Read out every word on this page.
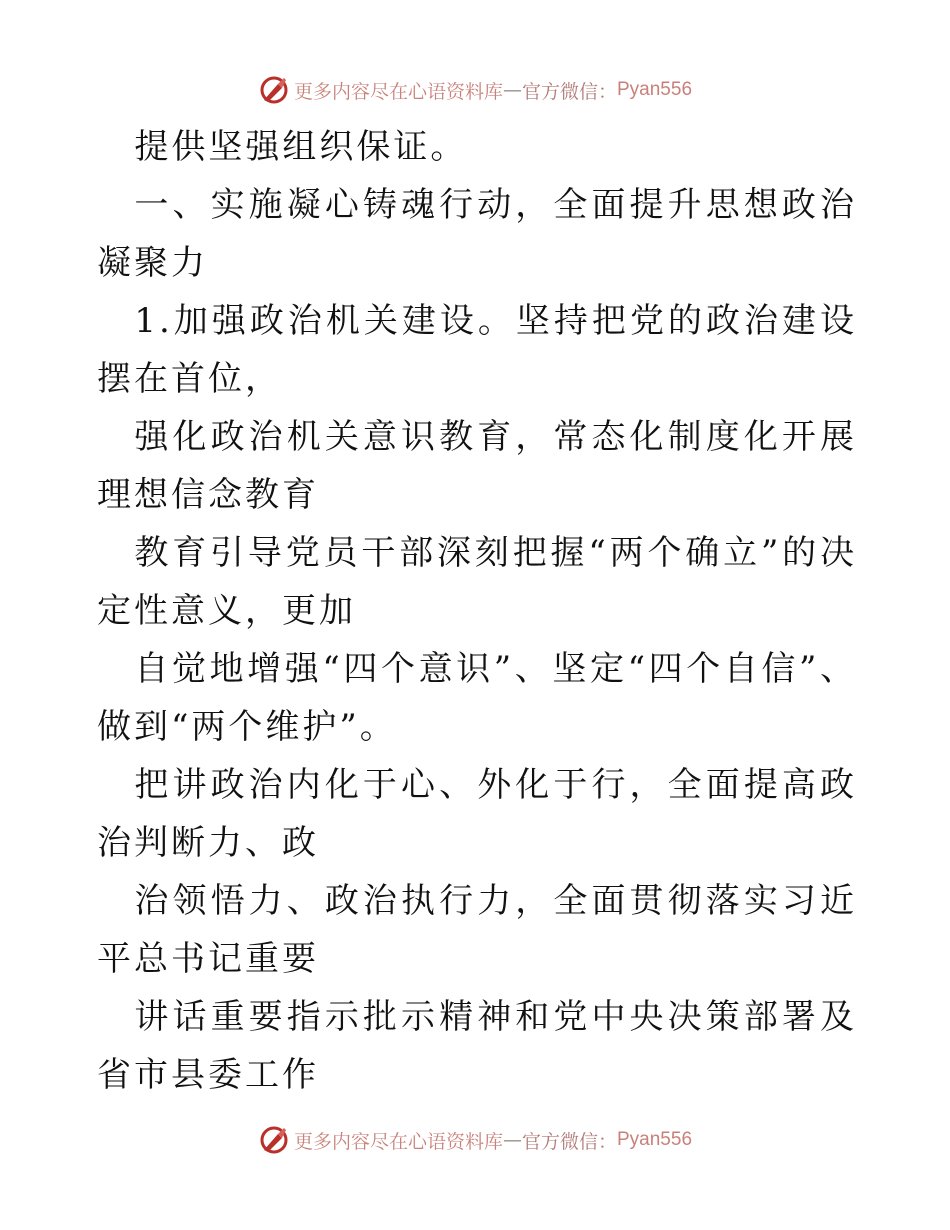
更多内容尽在心语资料库 — 官方微信： Pyan556

提供坚强组织保证。

一、实施凝心铸魂行动，全面提升思想政治凝聚力

1.加强政治机关建设。坚持把党的政治建设摆在首位，

强化政治机关意识教育，常态化制度化开展理想信念教育

教育引导党员干部深刻把握“两个确立”的决定性意义，更加

自觉地增强“四个意识”、坚定“四个自信”、做到“两个维护”。

把讲政治内化于心、外化于行，全面提高政治判断力、政

治领悟力、政治执行力，全面贯彻落实习近平总书记重要

讲话重要指示批示精神和党中央决策部署及省市县委工作

更多内容尽在心语资料库 — 官方微信： Pyan556
